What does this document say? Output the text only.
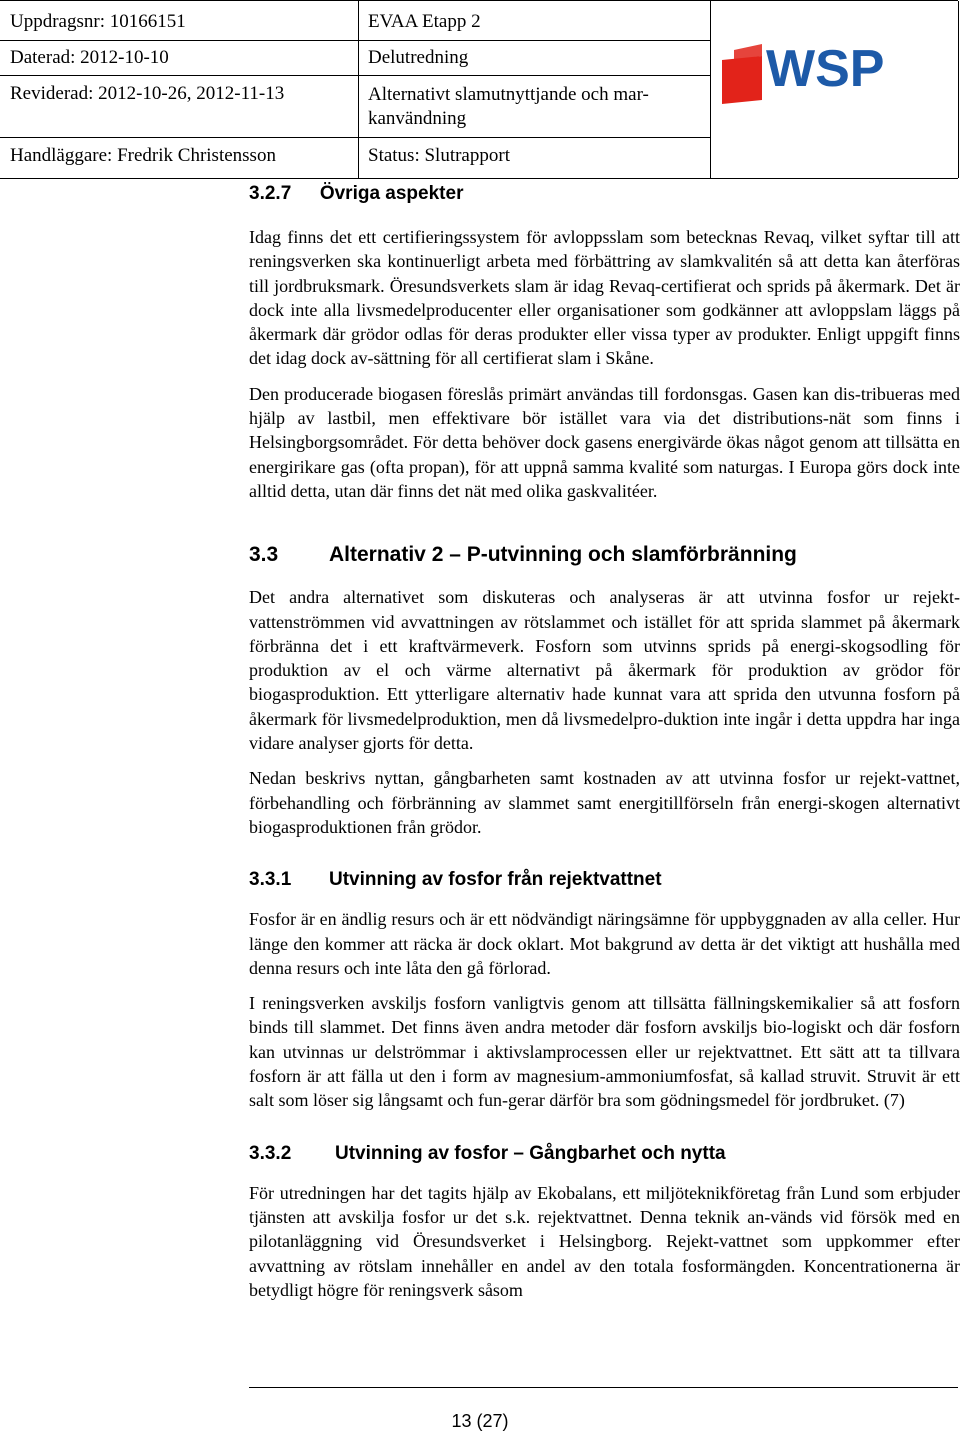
Uppdragsnr: 10166151
Daterad: 2012-10-10
Reviderad: 2012-10-26, 2012-11-13
Handläggare: Fredrik Christensson
EVAA Etapp 2
Delutredning
Alternativt slamutnyttjande och mar-
kanvändning
Status: Slutrapport
WSP
3.2.7 Övriga aspekter

Idag finns det ett certifieringssystem för avloppsslam som betecknas Revaq, vilket syftar till att reningsverken ska kontinuerligt arbeta med förbättring av slamkvalitén så att detta kan återföras till jordbruksmark. Öresundsverkets slam är idag Revaq-certifierat och sprids på åkermark. Det är dock inte alla livsmedelproducenter eller organisationer som godkänner att avloppslam läggs på åkermark där grödor odlas för deras produkter eller vissa typer av produkter. Enligt uppgift finns det idag dock av-sättning för all certifierat slam i Skåne.

Den producerade biogasen föreslås primärt användas till fordonsgas. Gasen kan dis-tribueras med hjälp av lastbil, men effektivare bör istället vara via det distributions-nät som finns i Helsingborgsområdet. För detta behöver dock gasens energivärde ökas något genom att tillsätta en energirikare gas (ofta propan), för att uppnå samma kvalité som naturgas. I Europa görs dock inte alltid detta, utan där finns det nät med olika gaskvalitéer.

3.3 Alternativ 2 – P-utvinning och slamförbränning

Det andra alternativet som diskuteras och analyseras är att utvinna fosfor ur rejekt-vattenströmmen vid avvattningen av rötslammet och istället för att sprida slammet på åkermark förbränna det i ett kraftvärmeverk. Fosforn som utvinns sprids på energi-skogsodling för produktion av el och värme alternativt på åkermark för produktion av grödor för biogasproduktion. Ett ytterligare alternativ hade kunnat vara att sprida den utvunna fosforn på åkermark för livsmedelproduktion, men då livsmedelpro-duktion inte ingår i detta uppdra har inga vidare analyser gjorts för detta.

Nedan beskrivs nyttan, gångbarheten samt kostnaden av att utvinna fosfor ur rejekt-vattnet, förbehandling och förbränning av slammet samt energitillförseln från energi-skogen alternativt biogasproduktionen från grödor.

3.3.1 Utvinning av fosfor från rejektvattnet

Fosfor är en ändlig resurs och är ett nödvändigt näringsämne för uppbyggnaden av alla celler. Hur länge den kommer att räcka är dock oklart. Mot bakgrund av detta är det viktigt att hushålla med denna resurs och inte låta den gå förlorad.

I reningsverken avskiljs fosforn vanligtvis genom att tillsätta fällningskemikalier så att fosforn binds till slammet. Det finns även andra metoder där fosforn avskiljs bio-logiskt och där fosforn kan utvinnas ur delströmmar i aktivslamprocessen eller ur rejektvattnet. Ett sätt att ta tillvara fosforn är att fälla ut den i form av magnesium-ammoniumfosfat, så kallad struvit. Struvit är ett salt som löser sig långsamt och fun-gerar därför bra som gödningsmedel för jordbruket. (7)

3.3.2 Utvinning av fosfor – Gångbarhet och nytta

För utredningen har det tagits hjälp av Ekobalans, ett miljöteknikföretag från Lund som erbjuder tjänsten att avskilja fosfor ur det s.k. rejektvattnet. Denna teknik an-vänds vid försök med en pilotanläggning vid Öresundsverket i Helsingborg. Rejekt-vattnet som uppkommer efter avvattning av rötslam innehåller en andel av den totala fosformängden. Koncentrationerna är betydligt högre för reningsverk såsom

13 (27)
